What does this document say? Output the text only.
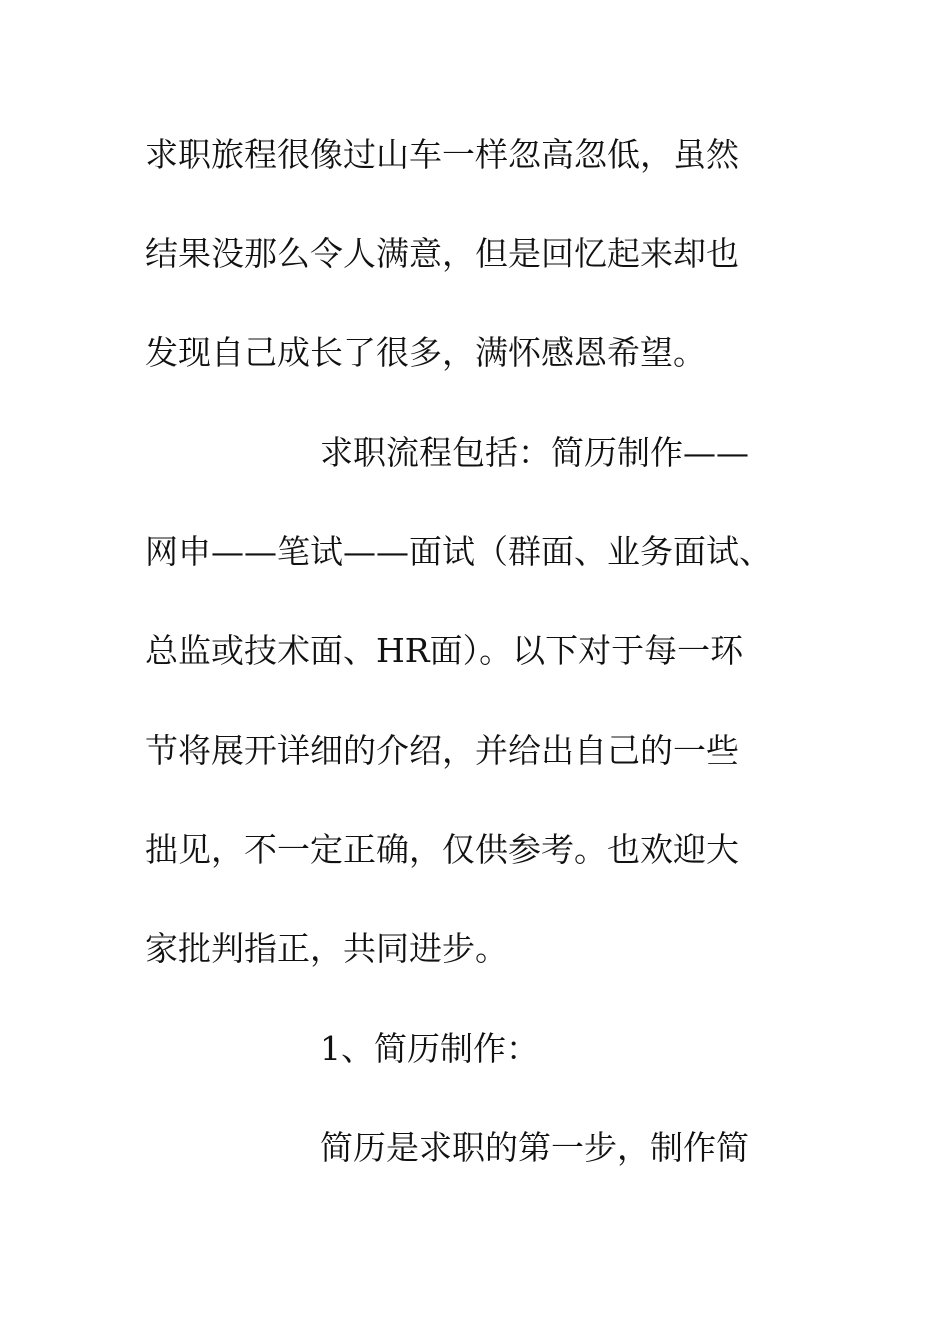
求职旅程很像过山车一样忽高忽低，虽然

结果没那么令人满意，但是回忆起来却也

发现自己成长了很多，满怀感恩希望。

求职流程包括：简历制作——

网申——笔试——面试（群面、业务面试、

总监或技术面、HR面）。以下对于每一环

节将展开详细的介绍，并给出自己的一些

拙见，不一定正确，仅供参考。也欢迎大

家批判指正，共同进步。

1、简历制作：

简历是求职的第一步，制作简
